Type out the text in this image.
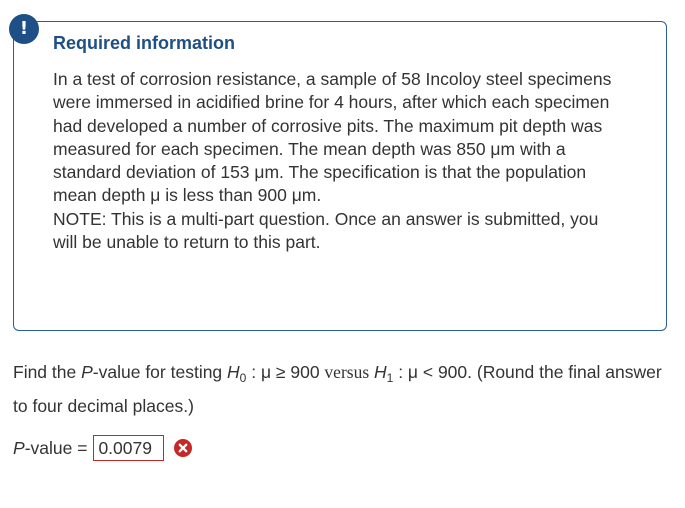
!
Required information

In a test of corrosion resistance, a sample of 58 Incoloy steel specimens were immersed in acidified brine for 4 hours, after which each specimen had developed a number of corrosive pits. The maximum pit depth was measured for each specimen. The mean depth was 850 μm with a standard deviation of 153 μm. The specification is that the population mean depth μ is less than 900 μm.

NOTE: This is a multi-part question. Once an answer is submitted, you will be unable to return to this part.

Find the P-value for testing $H_0$ : μ ≥ 900 versus $H_1$ : μ < 900. (Round the final answer to four decimal places.)

P-value =
0.0079
